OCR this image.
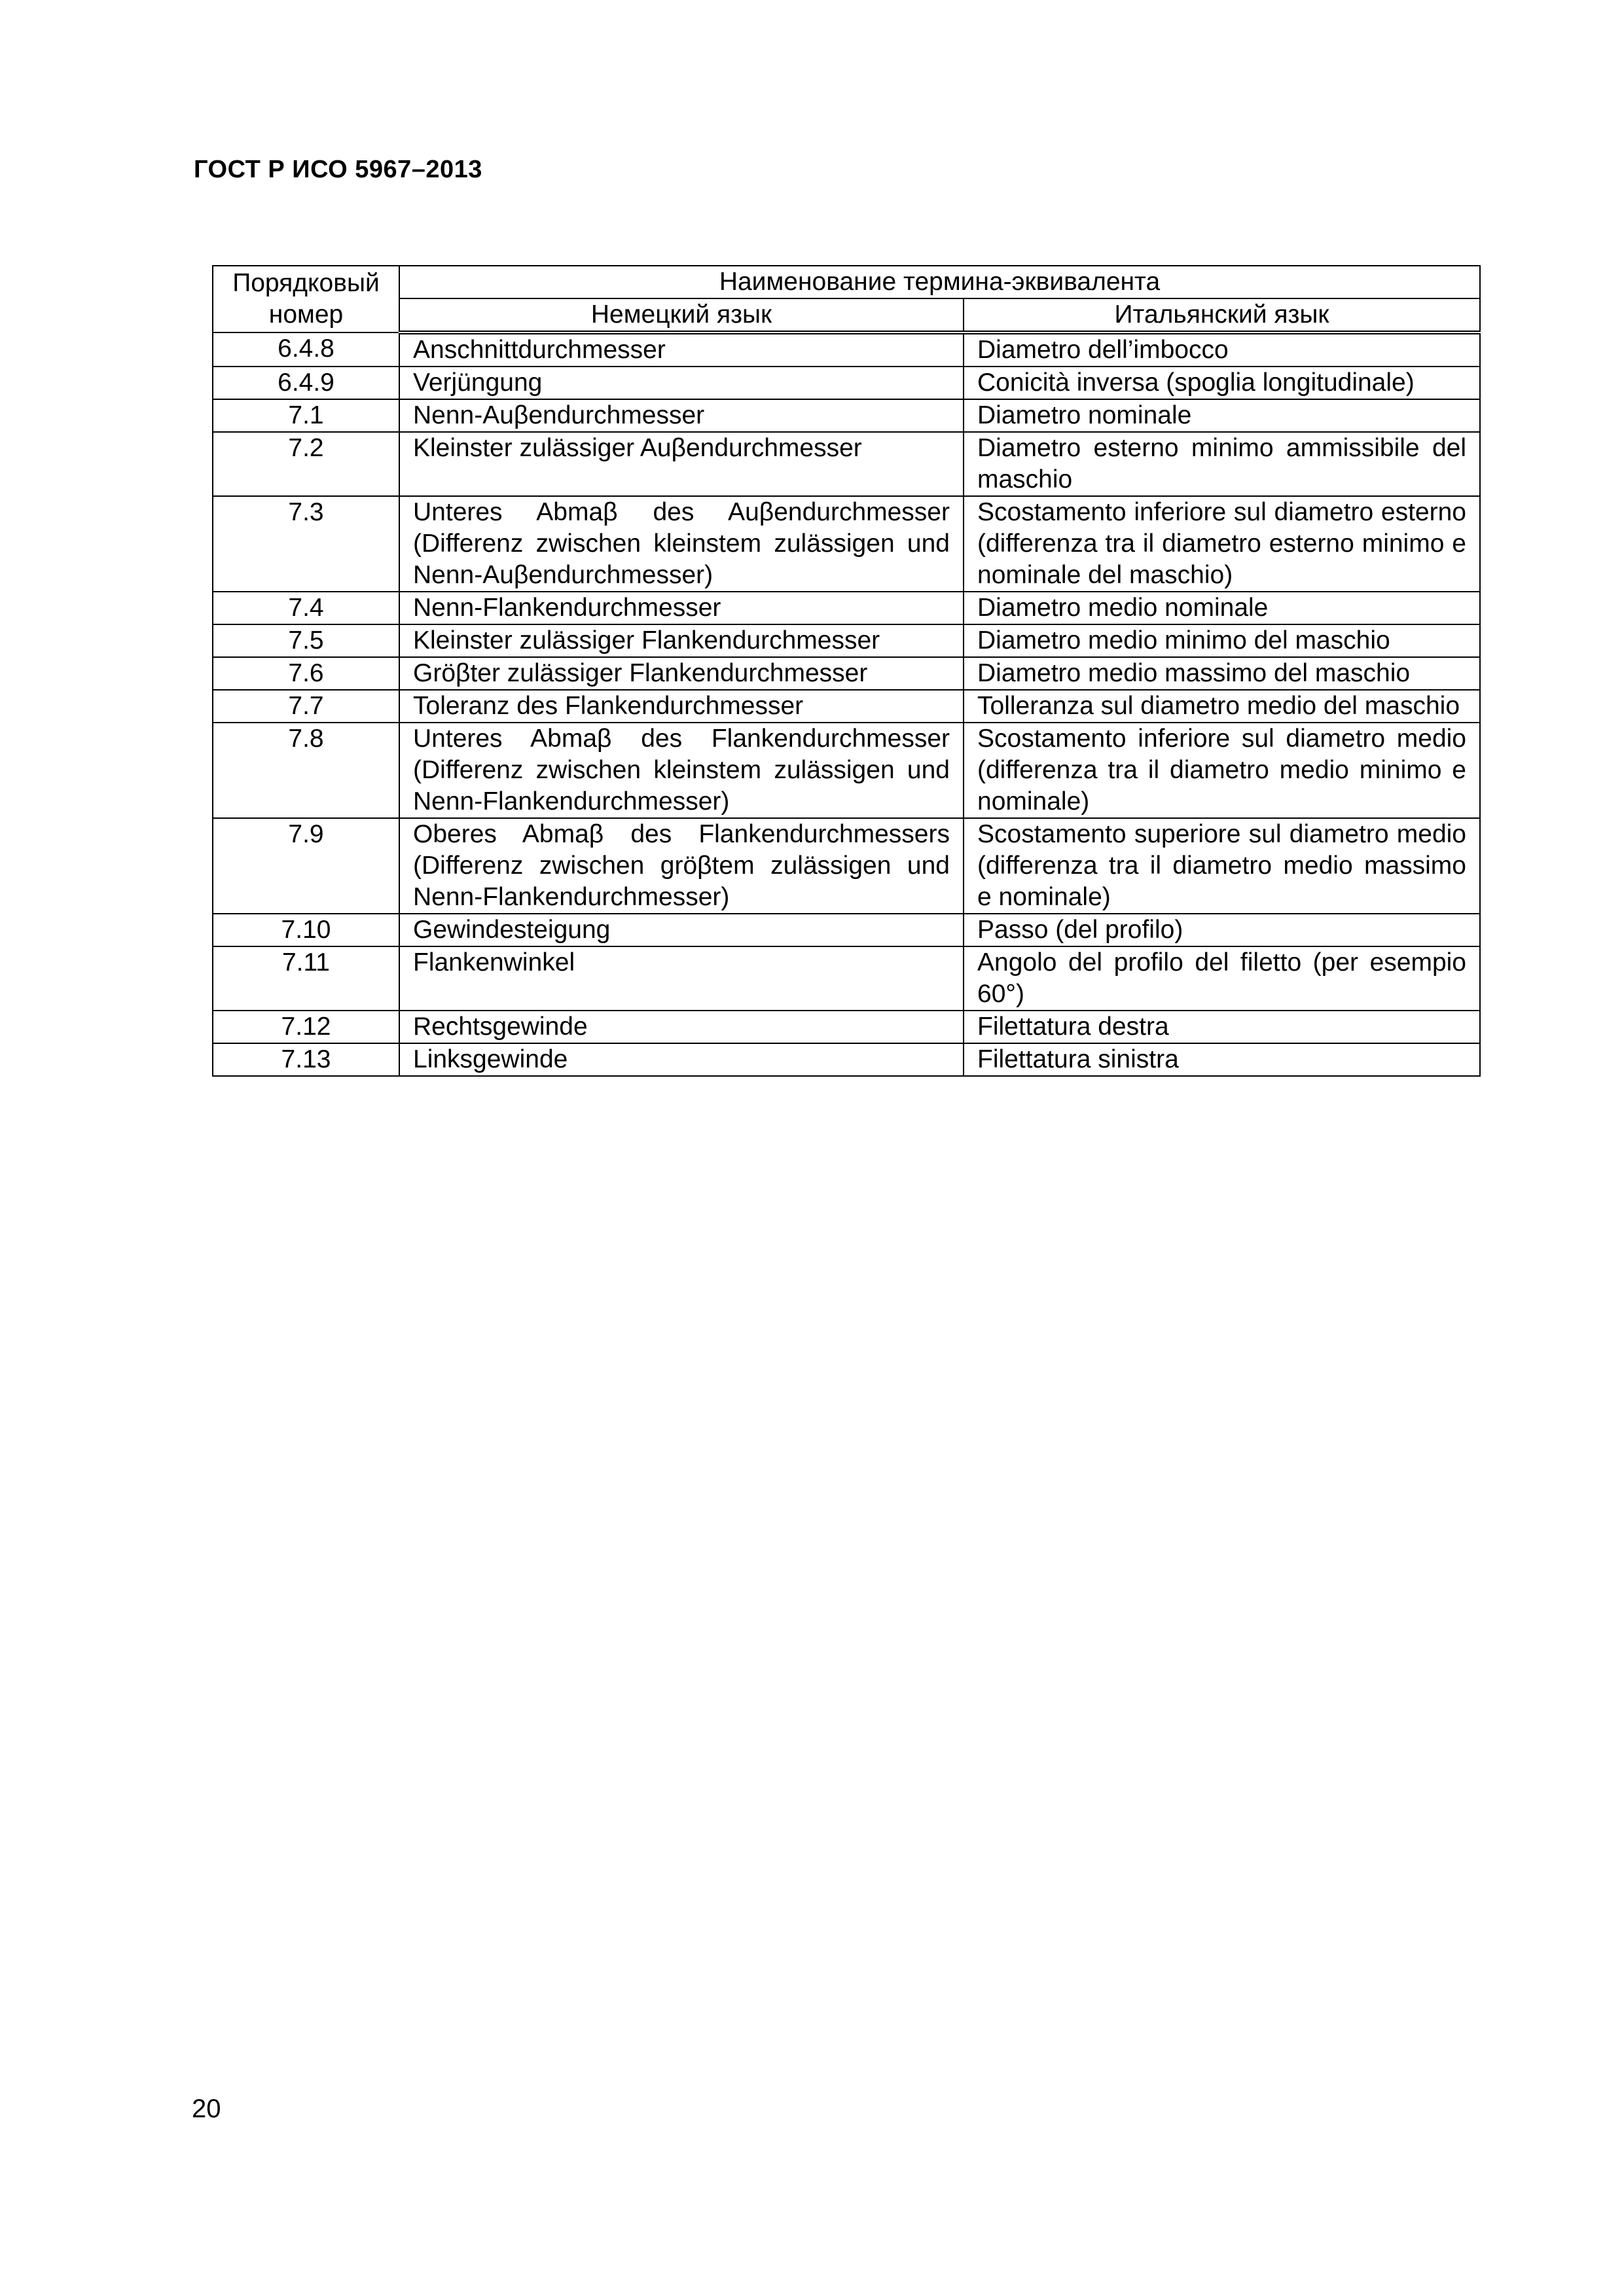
ГОСТ Р ИСО 5967–2013
Порядковый номер	Наименование термина-эквивалента	
	Немецкий язык	Итальянский язык
6.4.8	Anschnittdurchmesser	Diametro dell’imbocco
6.4.9	Verjüngung	Conicità inversa (spoglia longitudinale)
7.1	Nenn-Auβendurchmesser	Diametro nominale
7.2	Kleinster zulässiger Auβendurchmesser	Diametro esterno minimo ammissibile del maschio
7.3	Unteres Abmaβ des Auβendurchmesser (Differenz zwischen kleinstem zulässigen und Nenn-Auβendurchmesser)	Scostamento inferiore sul diametro esterno (differenza tra il diametro esterno minimo e nominale del maschio)
7.4	Nenn-Flankendurchmesser	Diametro medio nominale
7.5	Kleinster zulässiger Flankendurchmesser	Diametro medio minimo del maschio
7.6	Gröβter zulässiger Flankendurchmesser	Diametro medio massimo del maschio
7.7	Toleranz des Flankendurchmesser	Tolleranza sul diametro medio del maschio
7.8	Unteres Abmaβ des Flankendurchmesser (Differenz zwischen kleinstem zulässigen und Nenn-Flankendurchmesser)	Scostamento inferiore sul diametro medio (differenza tra il diametro medio minimo e nominale)
7.9	Oberes Abmaβ des Flankendurchmessers (Differenz zwischen gröβtem zulässigen und Nenn-Flankendurchmesser)	Scostamento superiore sul diametro medio (differenza tra il diametro medio massimo e nominale)
7.10	Gewindesteigung	Passo (del profilo)
7.11	Flankenwinkel	Angolo del profilo del filetto (per esempio 60°)
7.12	Rechtsgewinde	Filettatura destra
7.13	Linksgewinde	Filettatura sinistra
20
